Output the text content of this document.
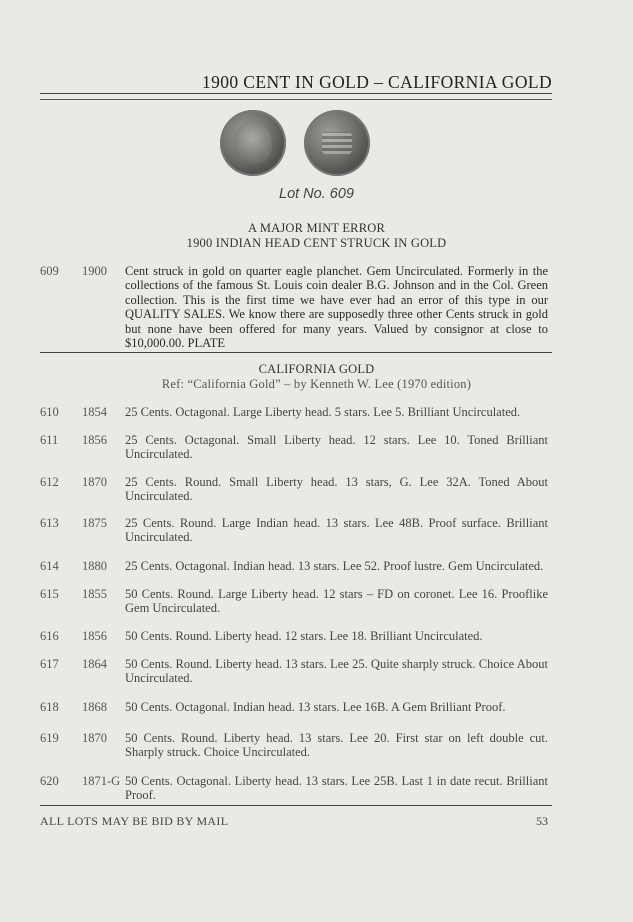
1900 CENT IN GOLD – CALIFORNIA GOLD
Lot No. 609
A MAJOR MINT ERROR
1900 INDIAN HEAD CENT STRUCK IN GOLD
609 1900 Cent struck in gold on quarter eagle planchet. Gem Uncirculated. Formerly in the collections of the famous St. Louis coin dealer B.G. Johnson and in the Col. Green collection. This is the first time we have ever had an error of this type in our QUALITY SALES. We know there are supposedly three other Cents struck in gold but none have been offered for many years. Valued by consignor at close to $10,000.00. PLATE
CALIFORNIA GOLD
Ref: “California Gold” – by Kenneth W. Lee (1970 edition)
610 1854 25 Cents. Octagonal. Large Liberty head. 5 stars. Lee 5. Brilliant Uncirculated.
611 1856 25 Cents. Octagonal. Small Liberty head. 12 stars. Lee 10. Toned Brilliant Uncirculated.
612 1870 25 Cents. Round. Small Liberty head. 13 stars, G. Lee 32A. Toned About Uncirculated.
613 1875 25 Cents. Round. Large Indian head. 13 stars. Lee 48B. Proof surface. Brilliant Uncirculated.
614 1880 25 Cents. Octagonal. Indian head. 13 stars. Lee 52. Proof lustre. Gem Uncirculated.
615 1855 50 Cents. Round. Large Liberty head. 12 stars – FD on coronet. Lee 16. Prooflike Gem Uncirculated.
616 1856 50 Cents. Round. Liberty head. 12 stars. Lee 18. Brilliant Uncirculated.
617 1864 50 Cents. Round. Liberty head. 13 stars. Lee 25. Quite sharply struck. Choice About Uncirculated.
618 1868 50 Cents. Octagonal. Indian head. 13 stars. Lee 16B. A Gem Brilliant Proof.
619 1870 50 Cents. Round. Liberty head. 13 stars. Lee 20. First star on left double cut. Sharply struck. Choice Uncirculated.
620 1871-G 50 Cents. Octagonal. Liberty head. 13 stars. Lee 25B. Last 1 in date recut. Brilliant Proof.
ALL LOTS MAY BE BID BY MAIL	53
